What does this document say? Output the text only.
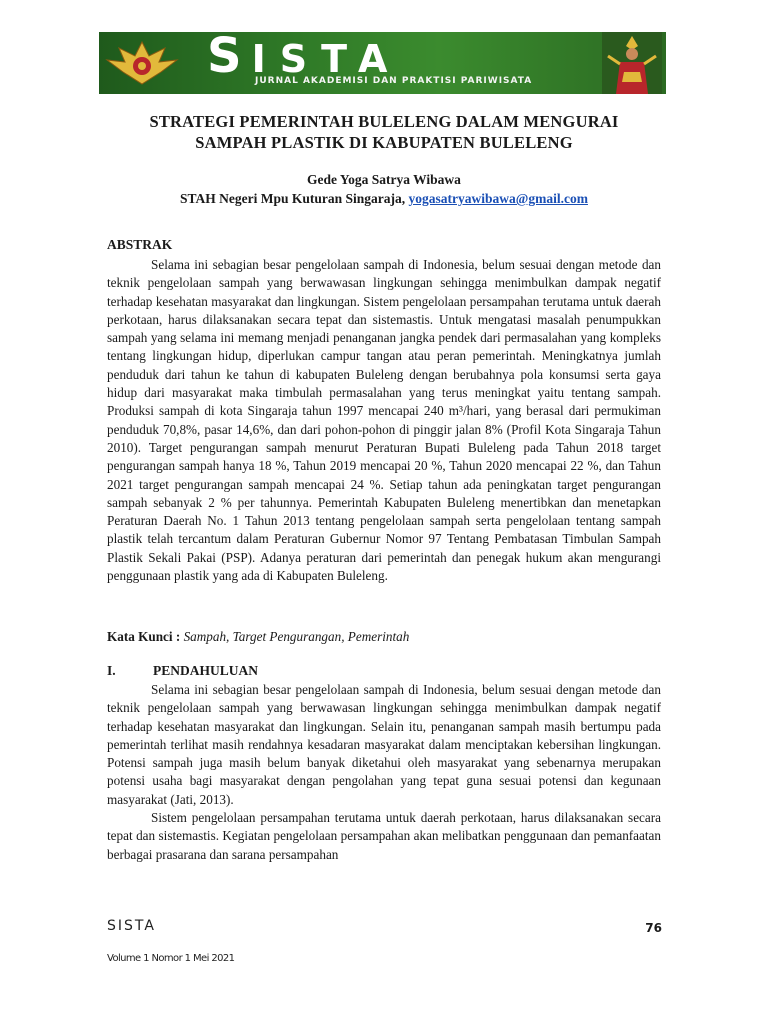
SISTA
JURNAL AKADEMISI DAN PRAKTISI PARIWISATA
STRATEGI PEMERINTAH BULELENG DALAM MENGURAI
SAMPAH PLASTIK DI KABUPATEN BULELENG
Gede Yoga Satrya Wibawa
STAH Negeri Mpu Kuturan Singaraja, yogasatryawibawa@gmail.com
ABSTRAK

Selama ini sebagian besar pengelolaan sampah di Indonesia, belum sesuai dengan metode dan teknik pengelolaan sampah yang berwawasan lingkungan sehingga menimbulkan dampak negatif terhadap kesehatan masyarakat dan lingkungan. Sistem pengelolaan persampahan terutama untuk daerah perkotaan, harus dilaksanakan secara tepat dan sistemastis. Untuk mengatasi masalah penumpukkan sampah yang selama ini memang menjadi penanganan jangka pendek dari permasalahan yang kompleks tentang lingkungan hidup, diperlukan campur tangan atau peran pemerintah. Meningkatnya jumlah penduduk dari tahun ke tahun di kabupaten Buleleng dengan berubahnya pola konsumsi serta gaya hidup dari masyarakat maka timbulah permasalahan yang terus meningkat yaitu tentang sampah. Produksi sampah di kota Singaraja tahun 1997 mencapai 240 m³/hari, yang berasal dari permukiman penduduk 70,8%, pasar 14,6%, dan dari pohon-pohon di pinggir jalan 8% (Profil Kota Singaraja Tahun 2010). Target pengurangan sampah menurut Peraturan Bupati Buleleng pada Tahun 2018 target pengurangan sampah hanya 18 %, Tahun 2019 mencapai 20 %, Tahun 2020 mencapai 22 %, dan Tahun 2021 target pengurangan sampah mencapai 24 %. Setiap tahun ada peningkatan target pengurangan sampah sebanyak 2 % per tahunnya. Pemerintah Kabupaten Buleleng menertibkan dan menetapkan Peraturan Daerah No. 1 Tahun 2013 tentang pengelolaan sampah serta pengelolaan tentang sampah plastik telah tercantum dalam Peraturan Gubernur Nomor 97 Tentang Pembatasan Timbulan Sampah Plastik Sekali Pakai (PSP). Adanya peraturan dari pemerintah dan penegak hukum akan mengurangi penggunaan plastik yang ada di Kabupaten Buleleng.

Kata Kunci : Sampah, Target Pengurangan, Pemerintah
I.	PENDAHULUAN

Selama ini sebagian besar pengelolaan sampah di Indonesia, belum sesuai dengan metode dan teknik pengelolaan sampah yang berwawasan lingkungan sehingga menimbulkan dampak negatif terhadap kesehatan masyarakat dan lingkungan. Selain itu, penanganan sampah masih bertumpu pada pemerintah terlihat masih rendahnya kesadaran masyarakat dalam menciptakan kebersihan lingkungan. Potensi sampah juga masih belum banyak diketahui oleh masyarakat yang sebenarnya merupakan potensi usaha bagi masyarakat dengan pengolahan yang tepat guna sesuai potensi dan kegunaan masyarakat (Jati, 2013).

Sistem pengelolaan persampahan terutama untuk daerah perkotaan, harus dilaksanakan secara tepat dan sistemastis. Kegiatan pengelolaan persampahan akan melibatkan penggunaan dan pemanfaatan berbagai prasarana dan sarana persampahan

SISTA	76
Volume 1 Nomor 1 Mei 2021
